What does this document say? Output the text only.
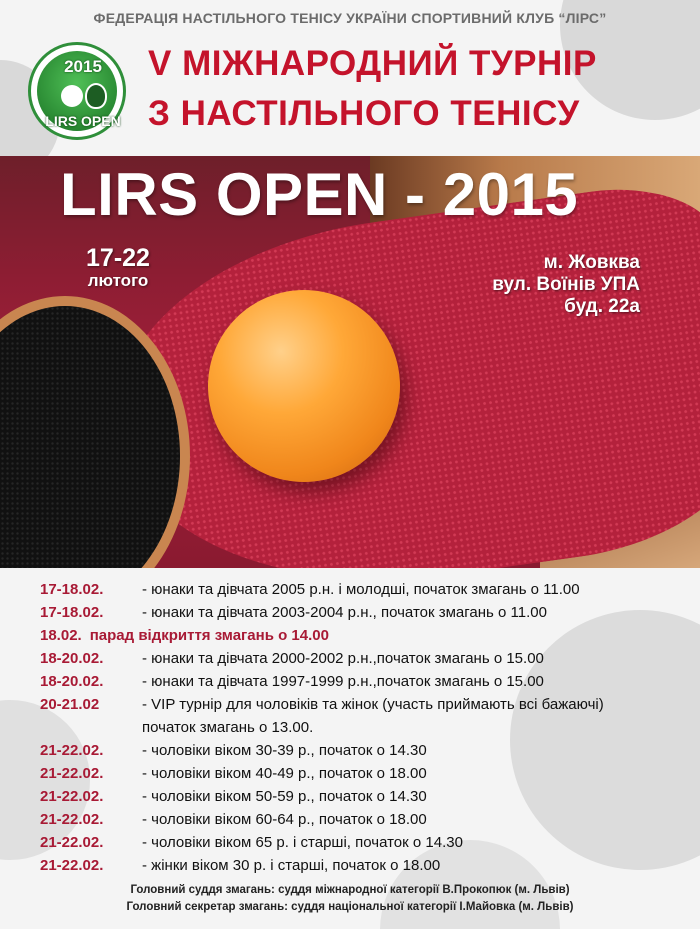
ФЕДЕРАЦІЯ НАСТІЛЬНОГО ТЕНІСУ УКРАЇНИ СПОРТИВНИЙ КЛУБ “ЛІРС”
2015
LIRS OPEN
V МІЖНАРОДНИЙ ТУРНІР
З НАСТІЛЬНОГО ТЕНІСУ
LIRS OPEN - 2015
17-22
лютого
м. Жовква
вул. Воїнів УПА
буд. 22а
17-18.02.	- юнаки та дівчата 2005 р.н. і молодші, початок змагань о 11.00
17-18.02.	- юнаки та дівчата 2003-2004 р.н., початок змагань о 11.00
18.02. парад відкриття змагань о 14.00
18-20.02.	- юнаки та дівчата 2000-2002 р.н.,початок змагань о 15.00
18-20.02.	- юнаки та дівчата 1997-1999 р.н.,початок змагань о 15.00
20-21.02	- VIP турнір для чоловіків та жінок (участь приймають всі бажаючі)
початок змагань о 13.00.
21-22.02.	- чоловіки віком 30-39 р., початок о 14.30
21-22.02.	- чоловіки віком 40-49 р., початок о 18.00
21-22.02.	- чоловіки віком 50-59 р., початок о 14.30
21-22.02.	- чоловіки віком 60-64 р., початок о 18.00
21-22.02.	- чоловіки віком 65 р. і старші, початок о 14.30
21-22.02.	- жінки віком 30 р. і старші, початок о 18.00
Головний суддя змагань: суддя міжнародної категорії В.Прокопюк (м. Львів)
Головний секретар змагань: суддя національної категорії І.Майовка (м. Львів)
